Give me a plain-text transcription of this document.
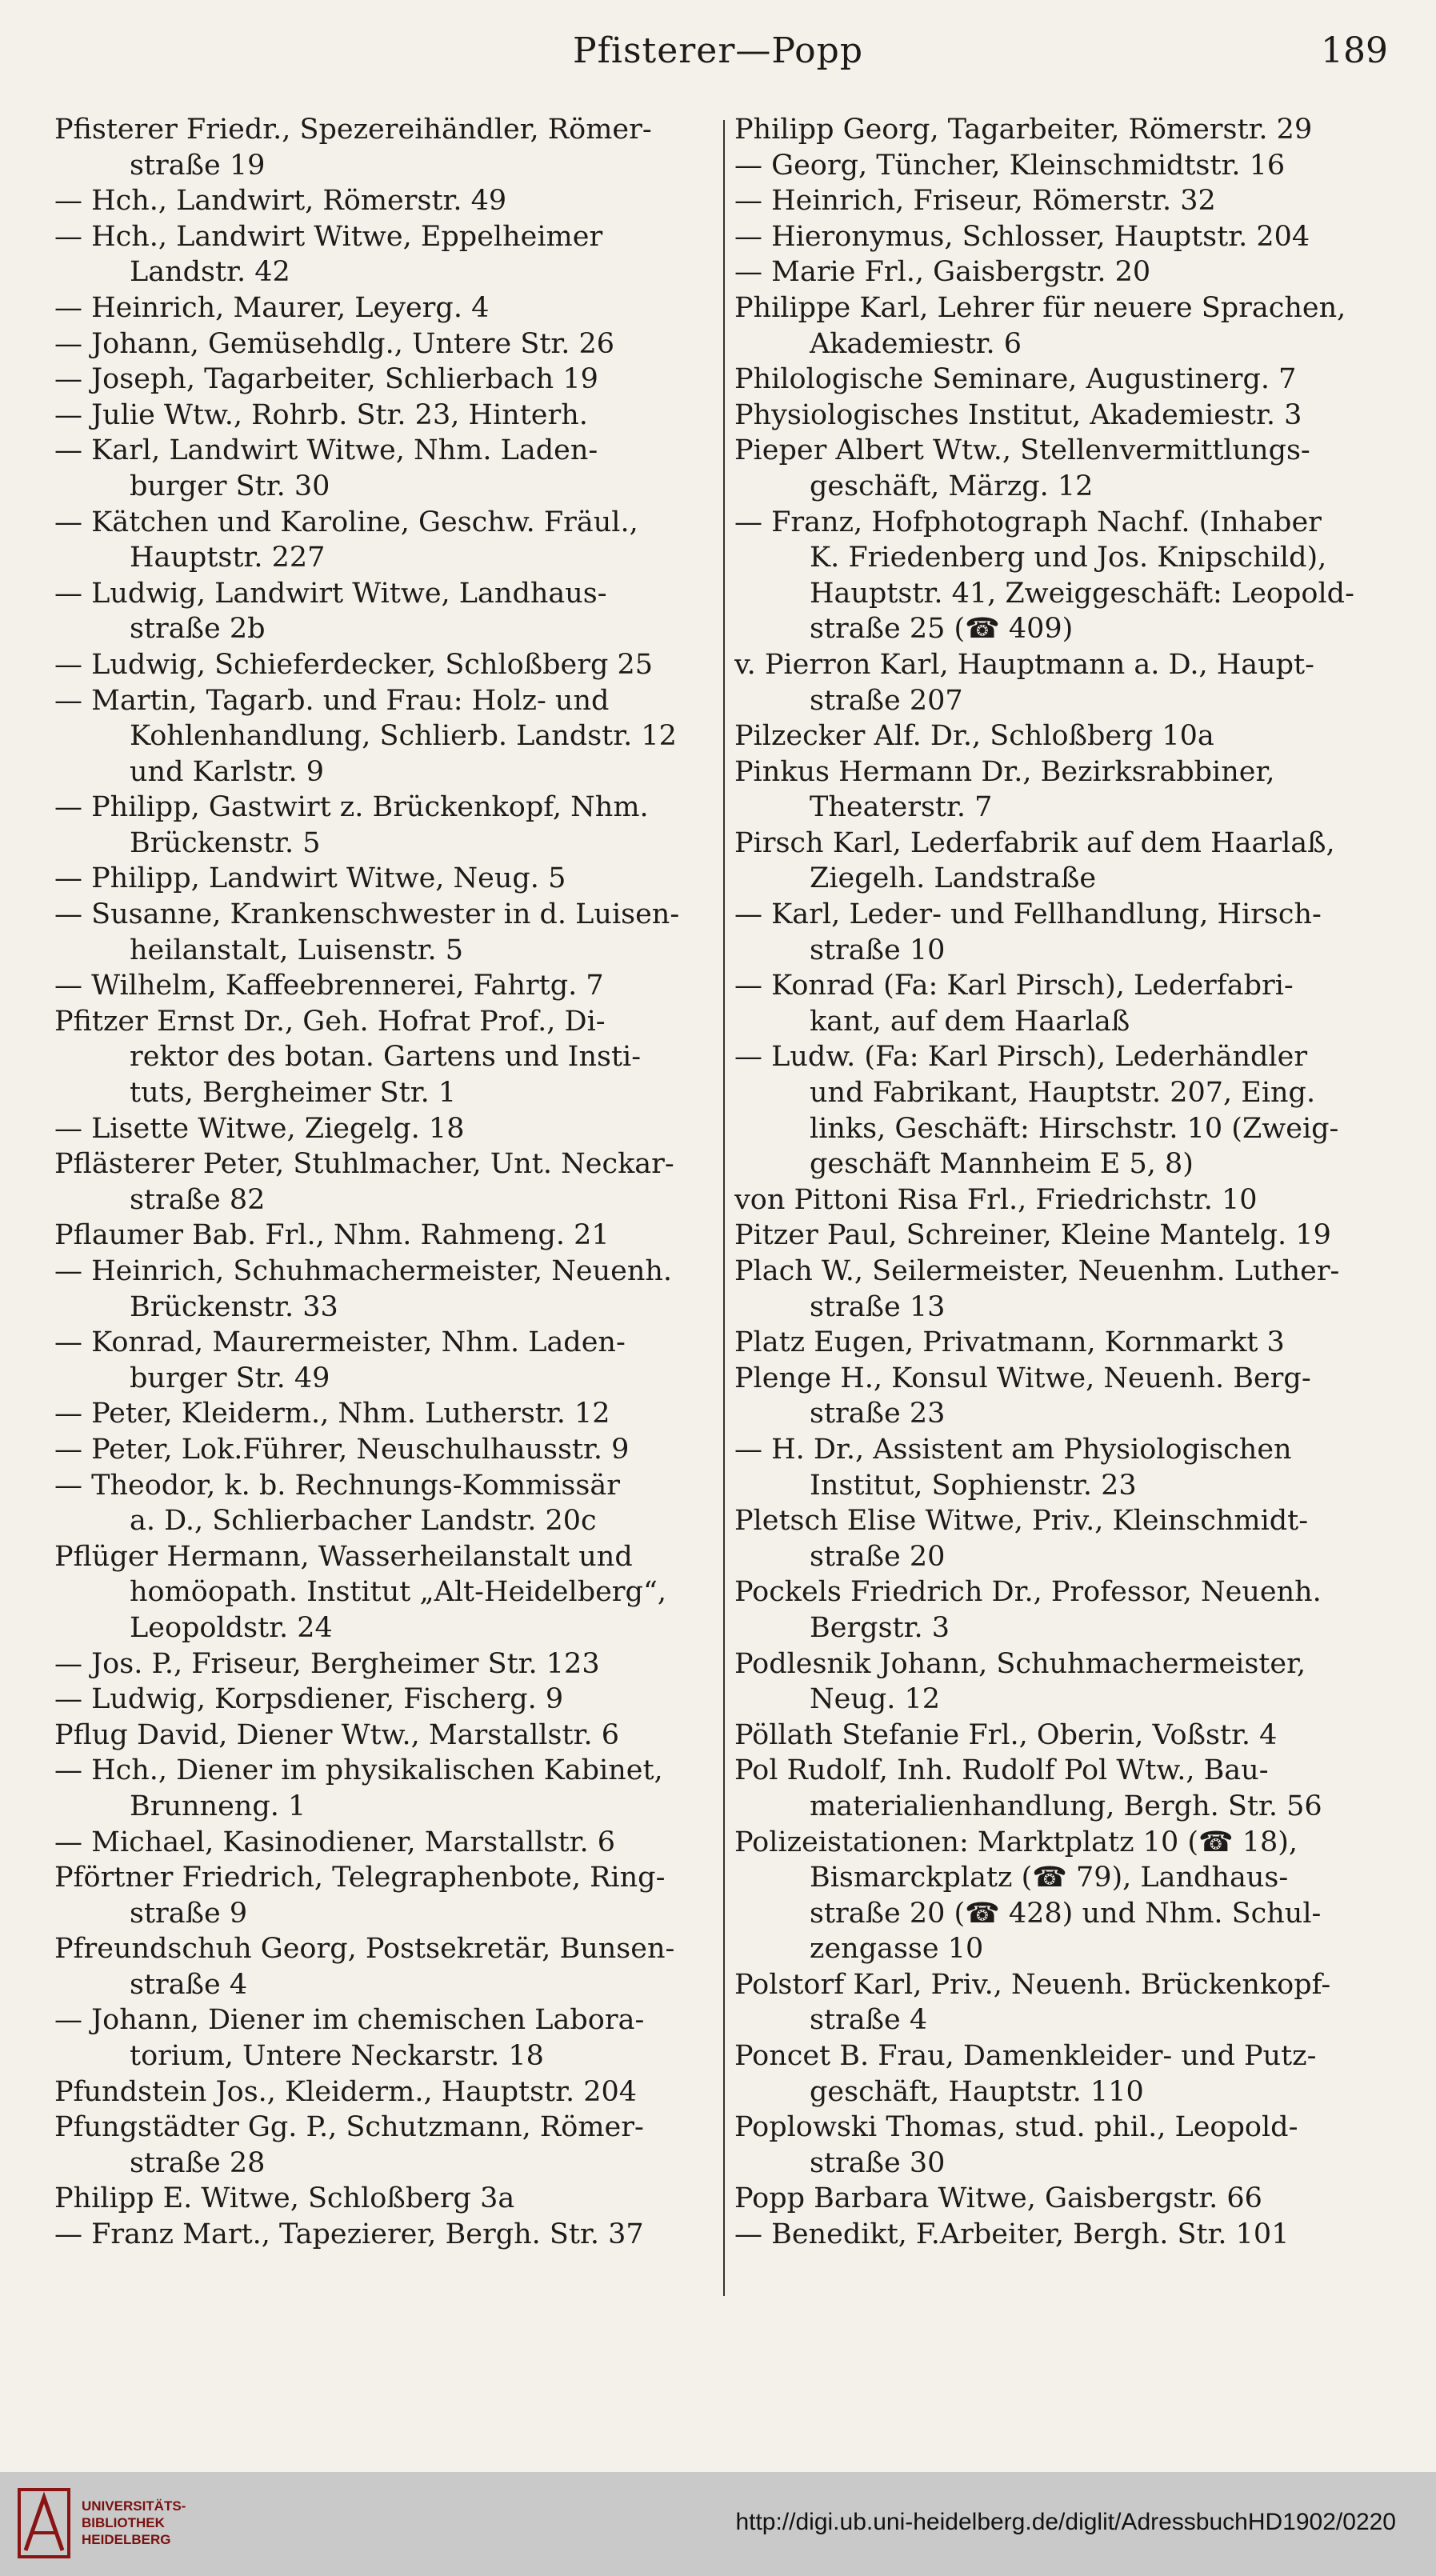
Pfisterer—Popp	189

Pfisterer Friedr., Spezereihändler, Römer-
straße 19

— Hch., Landwirt, Römerstr. 49

— Hch., Landwirt Witwe, Eppelheimer
Landstr. 42

— Heinrich, Maurer, Leyerg. 4

— Johann, Gemüsehdlg., Untere Str. 26

— Joseph, Tagarbeiter, Schlierbach 19

— Julie Wtw., Rohrb. Str. 23, Hinterh.

— Karl, Landwirt Witwe, Nhm. Laden-
burger Str. 30

— Kätchen und Karoline, Geschw. Fräul.,
Hauptstr. 227

— Ludwig, Landwirt Witwe, Landhaus-
straße 2b

— Ludwig, Schieferdecker, Schloßberg 25

— Martin, Tagarb. und Frau: Holz- und
Kohlenhandlung, Schlierb. Landstr. 12
und Karlstr. 9

— Philipp, Gastwirt z. Brückenkopf, Nhm.
Brückenstr. 5

— Philipp, Landwirt Witwe, Neug. 5

— Susanne, Krankenschwester in d. Luisen-
heilanstalt, Luisenstr. 5

— Wilhelm, Kaffeebrennerei, Fahrtg. 7

Pfitzer Ernst Dr., Geh. Hofrat Prof., Di-
rektor des botan. Gartens und Insti-
tuts, Bergheimer Str. 1

— Lisette Witwe, Ziegelg. 18

Pflästerer Peter, Stuhlmacher, Unt. Neckar-
straße 82

Pflaumer Bab. Frl., Nhm. Rahmeng. 21

— Heinrich, Schuhmachermeister, Neuenh.
Brückenstr. 33

— Konrad, Maurermeister, Nhm. Laden-
burger Str. 49

— Peter, Kleiderm., Nhm. Lutherstr. 12

— Peter, Lok.Führer, Neuschulhausstr. 9

— Theodor, k. b. Rechnungs-Kommissär
a. D., Schlierbacher Landstr. 20c

Pflüger Hermann, Wasserheilanstalt und
homöopath. Institut „Alt-Heidelberg“,
Leopoldstr. 24

— Jos. P., Friseur, Bergheimer Str. 123

— Ludwig, Korpsdiener, Fischerg. 9

Pflug David, Diener Wtw., Marstallstr. 6

— Hch., Diener im physikalischen Kabinet,
Brunneng. 1

— Michael, Kasinodiener, Marstallstr. 6

Pförtner Friedrich, Telegraphenbote, Ring-
straße 9

Pfreundschuh Georg, Postsekretär, Bunsen-
straße 4

— Johann, Diener im chemischen Labora-
torium, Untere Neckarstr. 18

Pfundstein Jos., Kleiderm., Hauptstr. 204

Pfungstädter Gg. P., Schutzmann, Römer-
straße 28

Philipp E. Witwe, Schloßberg 3a

— Franz Mart., Tapezierer, Bergh. Str. 37

Philipp Georg, Tagarbeiter, Römerstr. 29

— Georg, Tüncher, Kleinschmidtstr. 16

— Heinrich, Friseur, Römerstr. 32

— Hieronymus, Schlosser, Hauptstr. 204

— Marie Frl., Gaisbergstr. 20

Philippe Karl, Lehrer für neuere Sprachen,
Akademiestr. 6

Philologische Seminare, Augustinerg. 7

Physiologisches Institut, Akademiestr. 3

Pieper Albert Wtw., Stellenvermittlungs-
geschäft, Märzg. 12

— Franz, Hofphotograph Nachf. (Inhaber
K. Friedenberg und Jos. Knipschild),
Hauptstr. 41, Zweiggeschäft: Leopold-
straße 25 (☎ 409)

v. Pierron Karl, Hauptmann a. D., Haupt-
straße 207

Pilzecker Alf. Dr., Schloßberg 10a

Pinkus Hermann Dr., Bezirksrabbiner,
Theaterstr. 7

Pirsch Karl, Lederfabrik auf dem Haarlaß,
Ziegelh. Landstraße

— Karl, Leder- und Fellhandlung, Hirsch-
straße 10

— Konrad (Fa: Karl Pirsch), Lederfabri-
kant, auf dem Haarlaß

— Ludw. (Fa: Karl Pirsch), Lederhändler
und Fabrikant, Hauptstr. 207, Eing.
links, Geschäft: Hirschstr. 10 (Zweig-
geschäft Mannheim E 5, 8)

von Pittoni Risa Frl., Friedrichstr. 10

Pitzer Paul, Schreiner, Kleine Mantelg. 19

Plach W., Seilermeister, Neuenhm. Luther-
straße 13

Platz Eugen, Privatmann, Kornmarkt 3

Plenge H., Konsul Witwe, Neuenh. Berg-
straße 23

— H. Dr., Assistent am Physiologischen
Institut, Sophienstr. 23

Pletsch Elise Witwe, Priv., Kleinschmidt-
straße 20

Pockels Friedrich Dr., Professor, Neuenh.
Bergstr. 3

Podlesnik Johann, Schuhmachermeister,
Neug. 12

Pöllath Stefanie Frl., Oberin, Voßstr. 4

Pol Rudolf, Inh. Rudolf Pol Wtw., Bau-
materialienhandlung, Bergh. Str. 56

Polizeistationen: Marktplatz 10 (☎ 18),
Bismarckplatz (☎ 79), Landhaus-
straße 20 (☎ 428) und Nhm. Schul-
zengasse 10

Polstorf Karl, Priv., Neuenh. Brückenkopf-
straße 4

Poncet B. Frau, Damenkleider- und Putz-
geschäft, Hauptstr. 110

Poplowski Thomas, stud. phil., Leopold-
straße 30

Popp Barbara Witwe, Gaisbergstr. 66

— Benedikt, F.Arbeiter, Bergh. Str. 101

UNIVERSITÄTS-
BIBLIOTHEK
HEIDELBERG
http://digi.ub.uni-heidelberg.de/diglit/AdressbuchHD1902/0220
